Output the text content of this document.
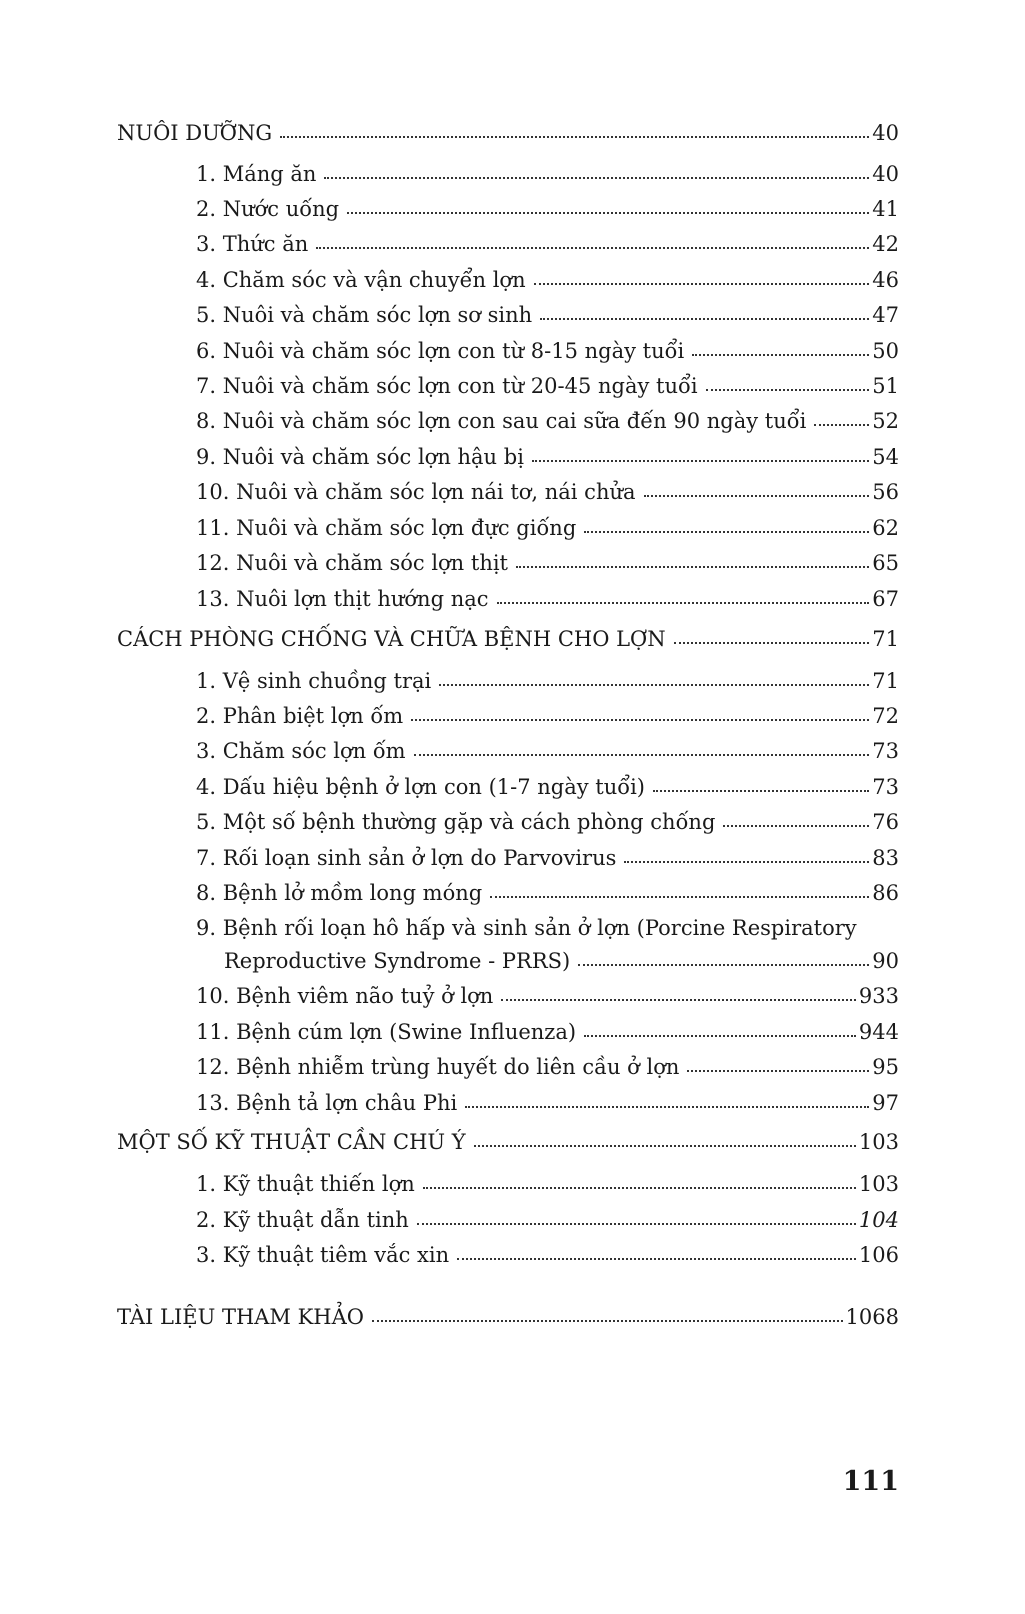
NUÔI DƯỠNG	40
1. Máng ăn	40
2. Nước uống	41
3. Thức ăn	42
4. Chăm sóc và vận chuyển lợn	46
5. Nuôi và chăm sóc lợn sơ sinh	47
6. Nuôi và chăm sóc lợn con từ 8-15 ngày tuổi	50
7. Nuôi và chăm sóc lợn con từ 20-45 ngày tuổi	51
8. Nuôi và chăm sóc lợn con sau cai sữa đến 90 ngày tuổi	52
9. Nuôi và chăm sóc lợn hậu bị	54
10. Nuôi và chăm sóc lợn nái tơ, nái chửa	56
11. Nuôi và chăm sóc lợn đực giống	62
12. Nuôi và chăm sóc lợn thịt	65
13. Nuôi lợn thịt hướng nạc	67
CÁCH PHÒNG CHỐNG VÀ CHỮA BỆNH CHO LỢN	71
1. Vệ sinh chuồng trại	71
2. Phân biệt lợn ốm	72
3. Chăm sóc lợn ốm	73
4. Dấu hiệu bệnh ở lợn con (1-7 ngày tuổi)	73
5. Một số bệnh thường gặp và cách phòng chống	76
7. Rối loạn sinh sản ở lợn do Parvovirus	83
8. Bệnh lở mồm long móng	86
9. Bệnh rối loạn hô hấp và sinh sản ở lợn (Porcine Respiratory
Reproductive Syndrome - PRRS)	90
10. Bệnh viêm não tuỷ ở lợn	933
11. Bệnh cúm lợn (Swine Influenza)	944
12. Bệnh nhiễm trùng huyết do liên cầu ở lợn	95
13. Bệnh tả lợn châu Phi	97
MỘT SỐ KỸ THUẬT CẦN CHÚ Ý	103
1. Kỹ thuật thiến lợn	103
2. Kỹ thuật dẫn tinh	104
3. Kỹ thuật tiêm vắc xin	106
TÀI LIỆU THAM KHẢO	1068
111
